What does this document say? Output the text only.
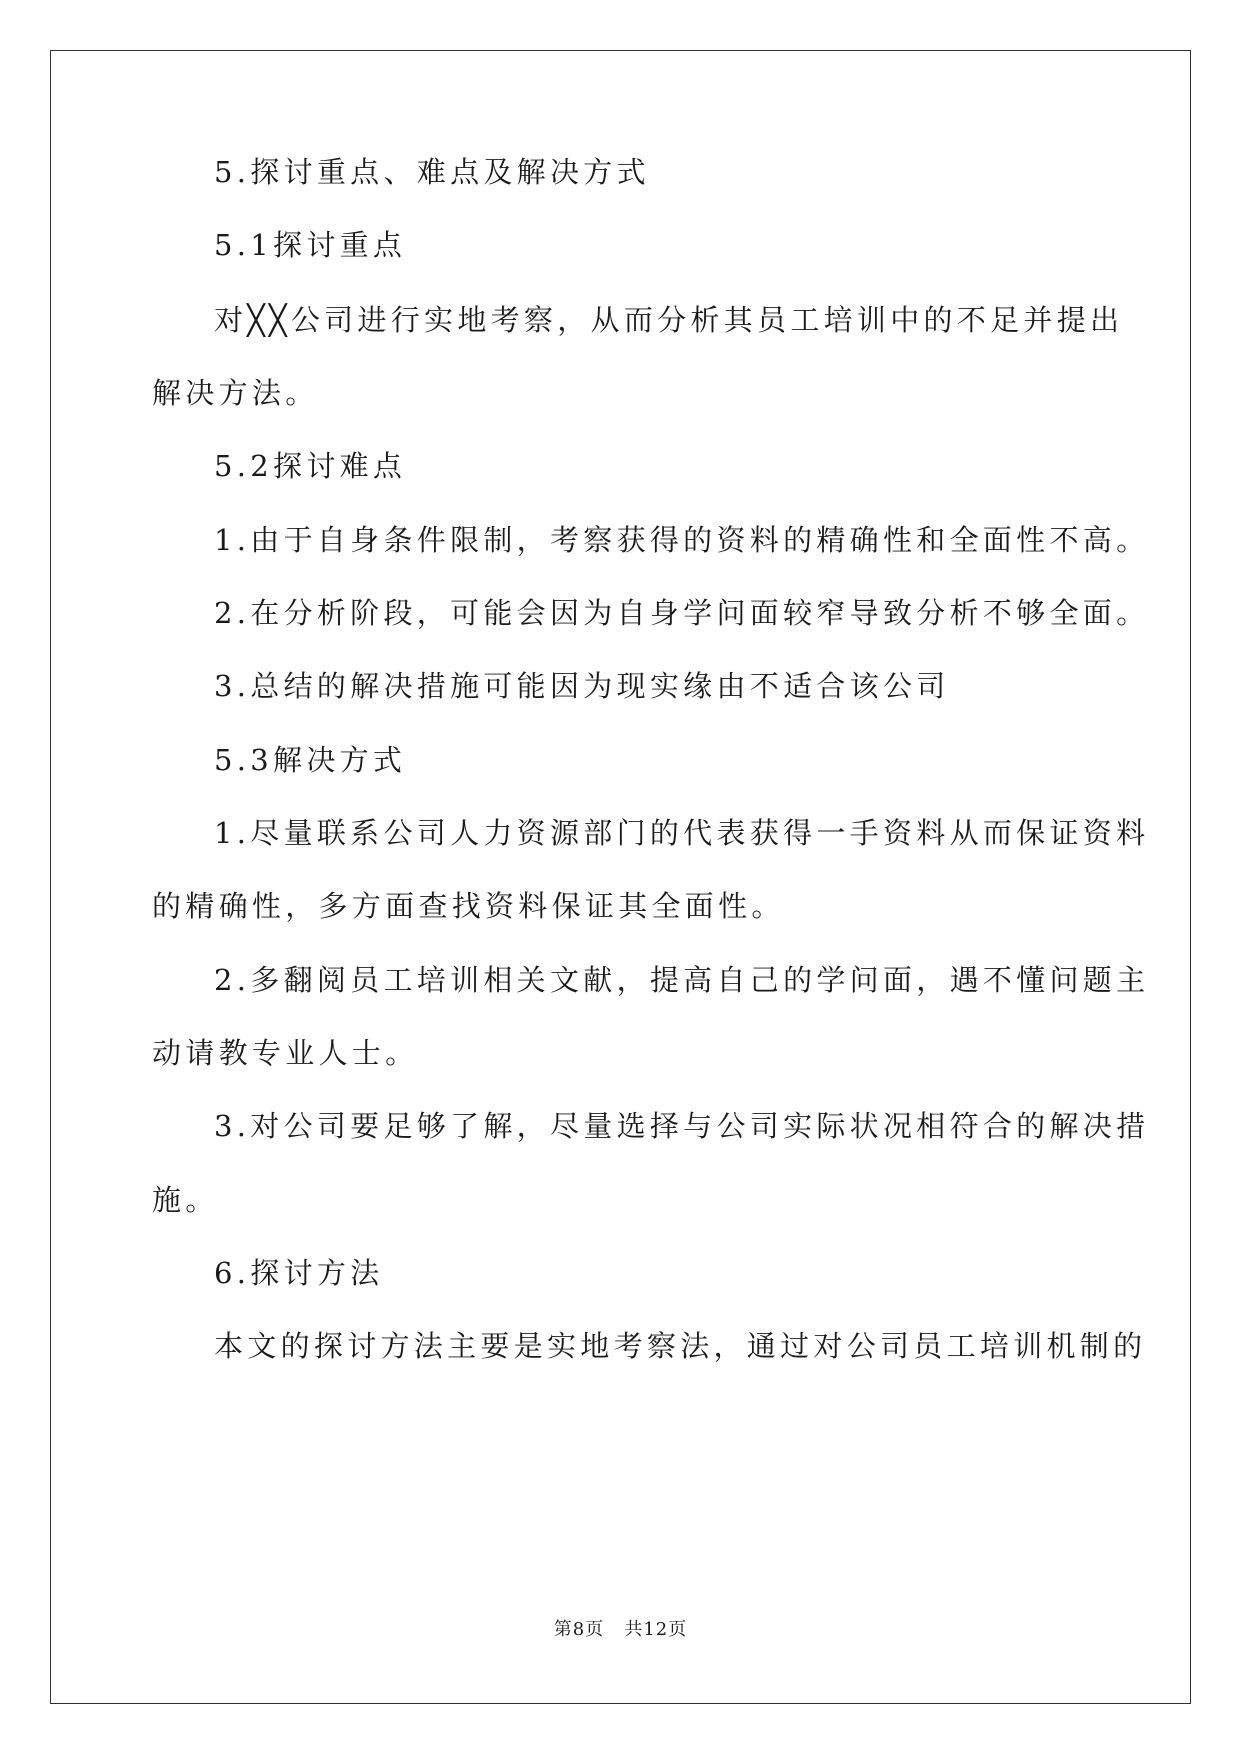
5.探讨重点、难点及解决方式
5.1探讨重点
对╳╳公司进行实地考察，从而分析其员工培训中的不足并提出
解决方法。
5.2探讨难点
1.由于自身条件限制，考察获得的资料的精确性和全面性不高。
2.在分析阶段，可能会因为自身学问面较窄导致分析不够全面。
3.总结的解决措施可能因为现实缘由不适合该公司
5.3解决方式
1.尽量联系公司人力资源部门的代表获得一手资料从而保证资料
的精确性，多方面查找资料保证其全面性。
2.多翻阅员工培训相关文献，提高自己的学问面，遇不懂问题主
动请教专业人士。
3.对公司要足够了解，尽量选择与公司实际状况相符合的解决措
施。
6.探讨方法
本文的探讨方法主要是实地考察法，通过对公司员工培训机制的
第8页 共12页
